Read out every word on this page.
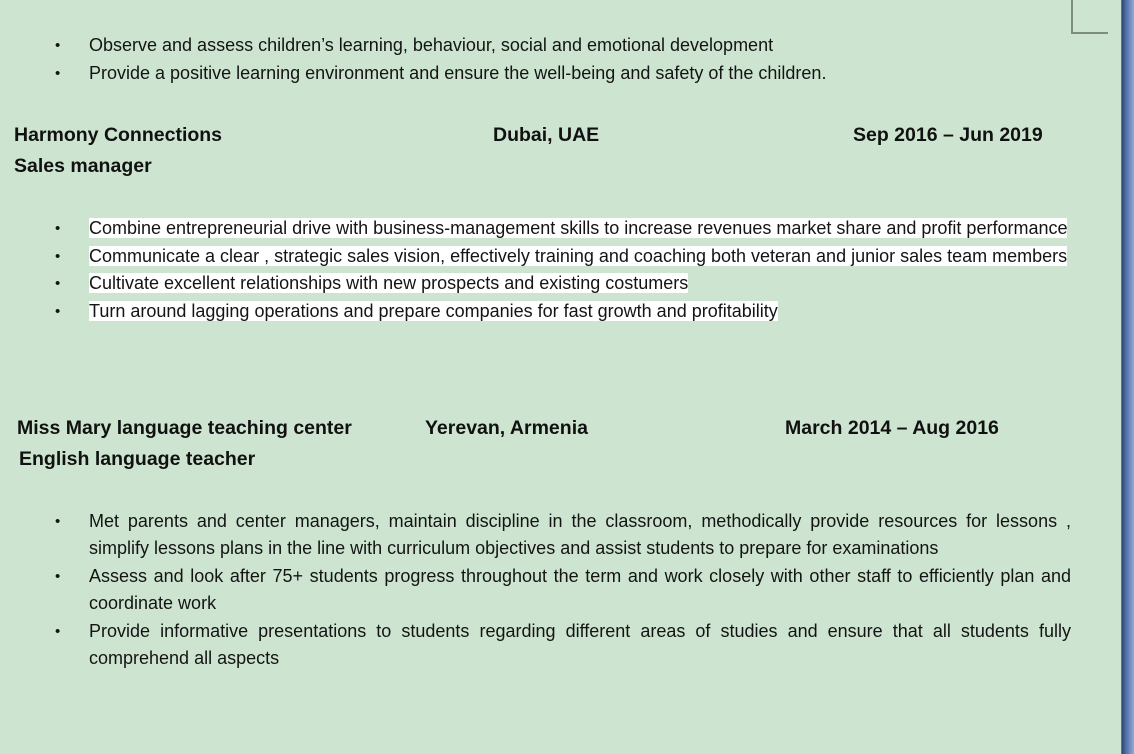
•	Observe and assess children’s learning, behaviour, social and emotional development
•	Provide a positive learning environment and ensure the well-being and safety of the children.
Harmony Connections	Dubai, UAE	Sep 2016 – Jun 2019
Sales manager
•	Combine entrepreneurial drive with business-management skills to increase revenues market share and profit performance
•	Communicate a clear , strategic sales vision, effectively training and coaching both veteran and junior sales team members
•	Cultivate excellent relationships with new prospects and existing costumers
•	Turn around lagging operations and prepare companies for fast growth and profitability
Miss Mary language teaching center	Yerevan, Armenia	March 2014 – Aug 2016
English language teacher
•	Met parents and center managers, maintain discipline in the classroom, methodically provide resources for lessons , simplify lessons plans in the line with curriculum objectives and assist students to prepare for examinations
•	Assess and look after 75+ students progress throughout the term and work closely with other staff to efficiently plan and coordinate work
•	Provide informative presentations to students regarding different areas of studies and ensure that all students fully comprehend all aspects
